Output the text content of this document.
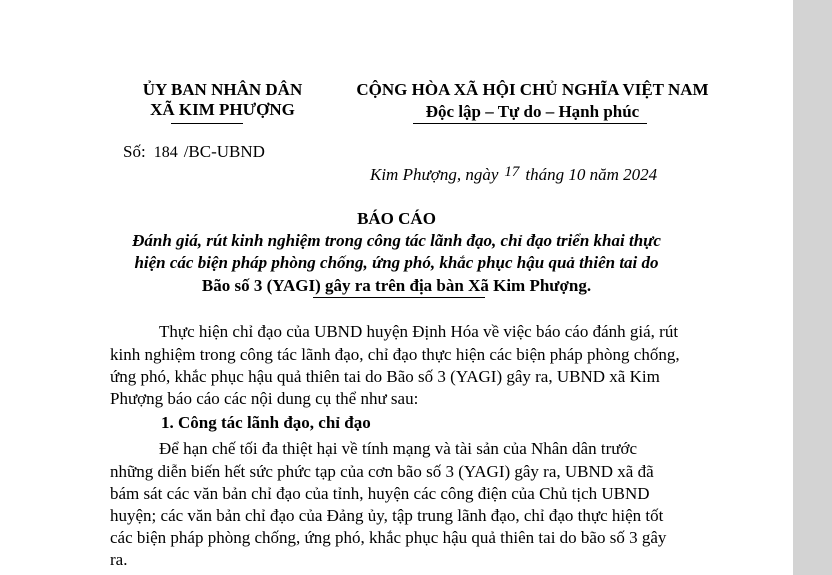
ỦY BAN NHÂN DÂN
XÃ KIM PHƯỢNG
CỘNG HÒA XÃ HỘI CHỦ NGHĨA VIỆT NAM
Độc lập – Tự do – Hạnh phúc
Số: 184 /BC-UBND
Kim Phượng, ngày 17 tháng 10 năm 2024
BÁO CÁO
Đánh giá, rút kinh nghiệm trong công tác lãnh đạo, chỉ đạo triển khai thực
hiện các biện pháp phòng chống, ứng phó, khắc phục hậu quả thiên tai do
Bão số 3 (YAGI) gây ra trên địa bàn Xã Kim Phượng.
Thực hiện chỉ đạo của UBND huyện Định Hóa về việc báo cáo đánh giá, rút
kinh nghiệm trong công tác lãnh đạo, chỉ đạo thực hiện các biện pháp phòng chống,
ứng phó, khắc phục hậu quả thiên tai do Bão số 3 (YAGI) gây ra, UBND xã Kim
Phượng báo cáo các nội dung cụ thể như sau:
1. Công tác lãnh đạo, chỉ đạo
Để hạn chế tối đa thiệt hại về tính mạng và tài sản của Nhân dân trước
những diễn biến hết sức phức tạp của cơn bão số 3 (YAGI) gây ra, UBND xã đã
bám sát các văn bản chỉ đạo của tỉnh, huyện các công điện của Chủ tịch UBND
huyện; các văn bản chỉ đạo của Đảng ủy, tập trung lãnh đạo, chỉ đạo thực hiện tốt
các biện pháp phòng chống, ứng phó, khắc phục hậu quả thiên tai do bão số 3 gây
ra.
